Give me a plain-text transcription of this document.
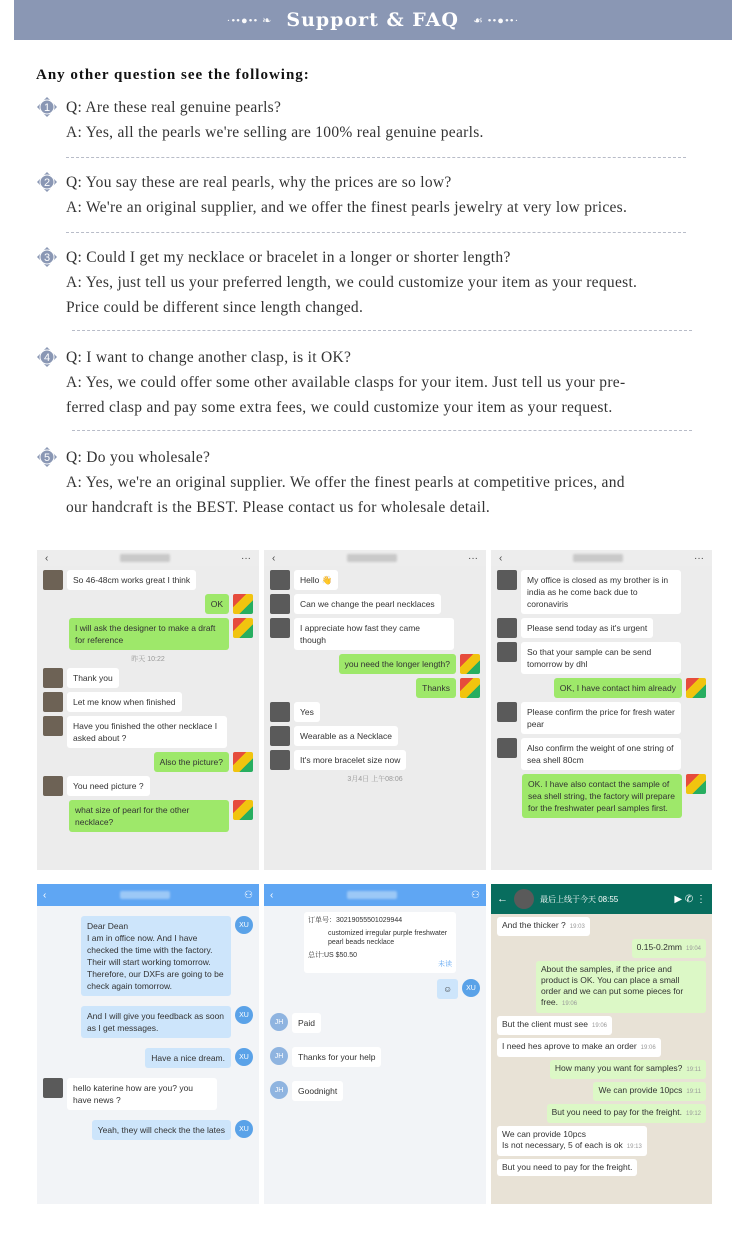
·••●•• ❧ Support & FAQ ☙ ••●••·
Any other question see the following:
1 Q: Are these real genuine pearls?
A: Yes, all the pearls we're selling are 100% real genuine pearls.
2 Q: You say these are real pearls, why the prices are so low?
A: We're an original supplier, and we offer the finest pearls jewelry at very low prices.
3 Q: Could I get my necklace or bracelet in a longer or shorter length?
A: Yes, just tell us your preferred length, we could customize your item as your request.
Price could be different since length changed.
4 Q: I want to change another clasp, is it OK?
A: Yes, we could offer some other available clasps for your item. Just tell us your pre-
ferred clasp and pay some extra fees, we could customize your item as your request.
5 Q: Do you wholesale?
A: Yes, we're an original supplier. We offer the finest pearls at competitive prices, and
our handcraft is the BEST. Please contact us for wholesale detail.
‹	···
So 46-48cm works great I think
OK
I will ask the designer to make a draft for reference
昨天 10:22
Thank you
Let me know when finished
Have you finished the other necklace I asked about ?
Also the picture?
You need picture ?
what size of pearl for the other necklace?
‹	···
Hello 👋
Can we change the pearl necklaces
I appreciate how fast they came though
you need the longer length?
Thanks
Yes
Wearable as a Necklace
It's more bracelet size now
3月4日 上午08:06
‹	···
My office is closed as my brother is in india as he come back due to coronaviris
Please send today as it's urgent
So that your sample can be send tomorrow by dhl
OK, I have contact him already
Please confirm the price for fresh water pear
Also confirm the weight of one string of sea shell 80cm
OK. I have also contact the sample of sea shell string, the factory will prepare for the freshwater pearl samples first.
‹	⚇
Dear Dean
I am in office now. And I have checked the time with the factory. Their will start working tomorrow. Therefore, our DXFs are going to be check again tomorrow.
XU
And I will give you feedback as soon as I get messages.
XU
Have a nice dream.	XU
hello katerine how are you? you have news ?
Yeah, they will check the the lates	XU
‹	⚇
订单号：30219055501029944
customized irregular purple freshwater pearl beads necklace
总计:US $50.50
未读
☺	XU
JH	Paid
JH	Thanks for your help
JH	Goodnight
←	最后上线于今天 08:55	▶ ✆ ⋮
And the thicker ? 19:03
0.15-0.2mm 19:04
About the samples, if the price and product is OK. You can place a small order and we can put some pieces for free. 19:06
But the client must see 19:06
I need hes aprove to make an order 19:06
How many you want for samples? 19:11
We can provide 10pcs 19:11
But you need to pay for the freight. 19:12
We can provide 10pcs
Is not necessary, 5 of each is ok 19:13
But you need to pay for the freight.
